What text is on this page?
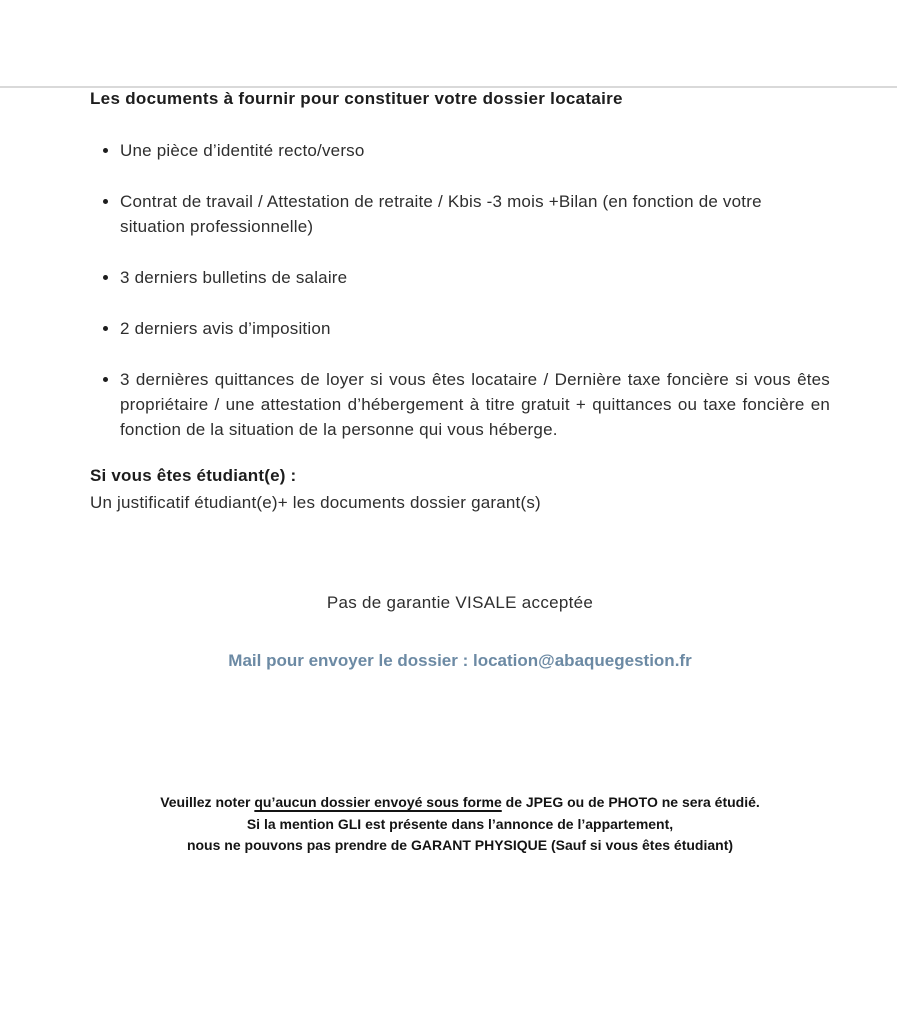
Les documents à fournir pour constituer votre dossier locataire
Une pièce d’identité recto/verso
Contrat de travail / Attestation de retraite / Kbis -3 mois +Bilan (en fonction de votre situation professionnelle)
3 derniers bulletins de salaire
2 derniers avis d’imposition
3 dernières quittances de loyer si vous êtes locataire / Dernière taxe foncière si vous êtes propriétaire / une attestation d’hébergement à titre gratuit + quittances ou taxe foncière en fonction de la situation de la personne qui vous héberge.
Si vous êtes étudiant(e) :
Un justificatif étudiant(e)+ les documents dossier garant(s)

Pas de garantie VISALE acceptée

Mail pour envoyer le dossier : location@abaquegestion.fr

Veuillez noter qu’aucun dossier envoyé sous forme de JPEG ou de PHOTO ne sera étudié.
Si la mention GLI est présente dans l’annonce de l’appartement,
nous ne pouvons pas prendre de GARANT PHYSIQUE (Sauf si vous êtes étudiant)
